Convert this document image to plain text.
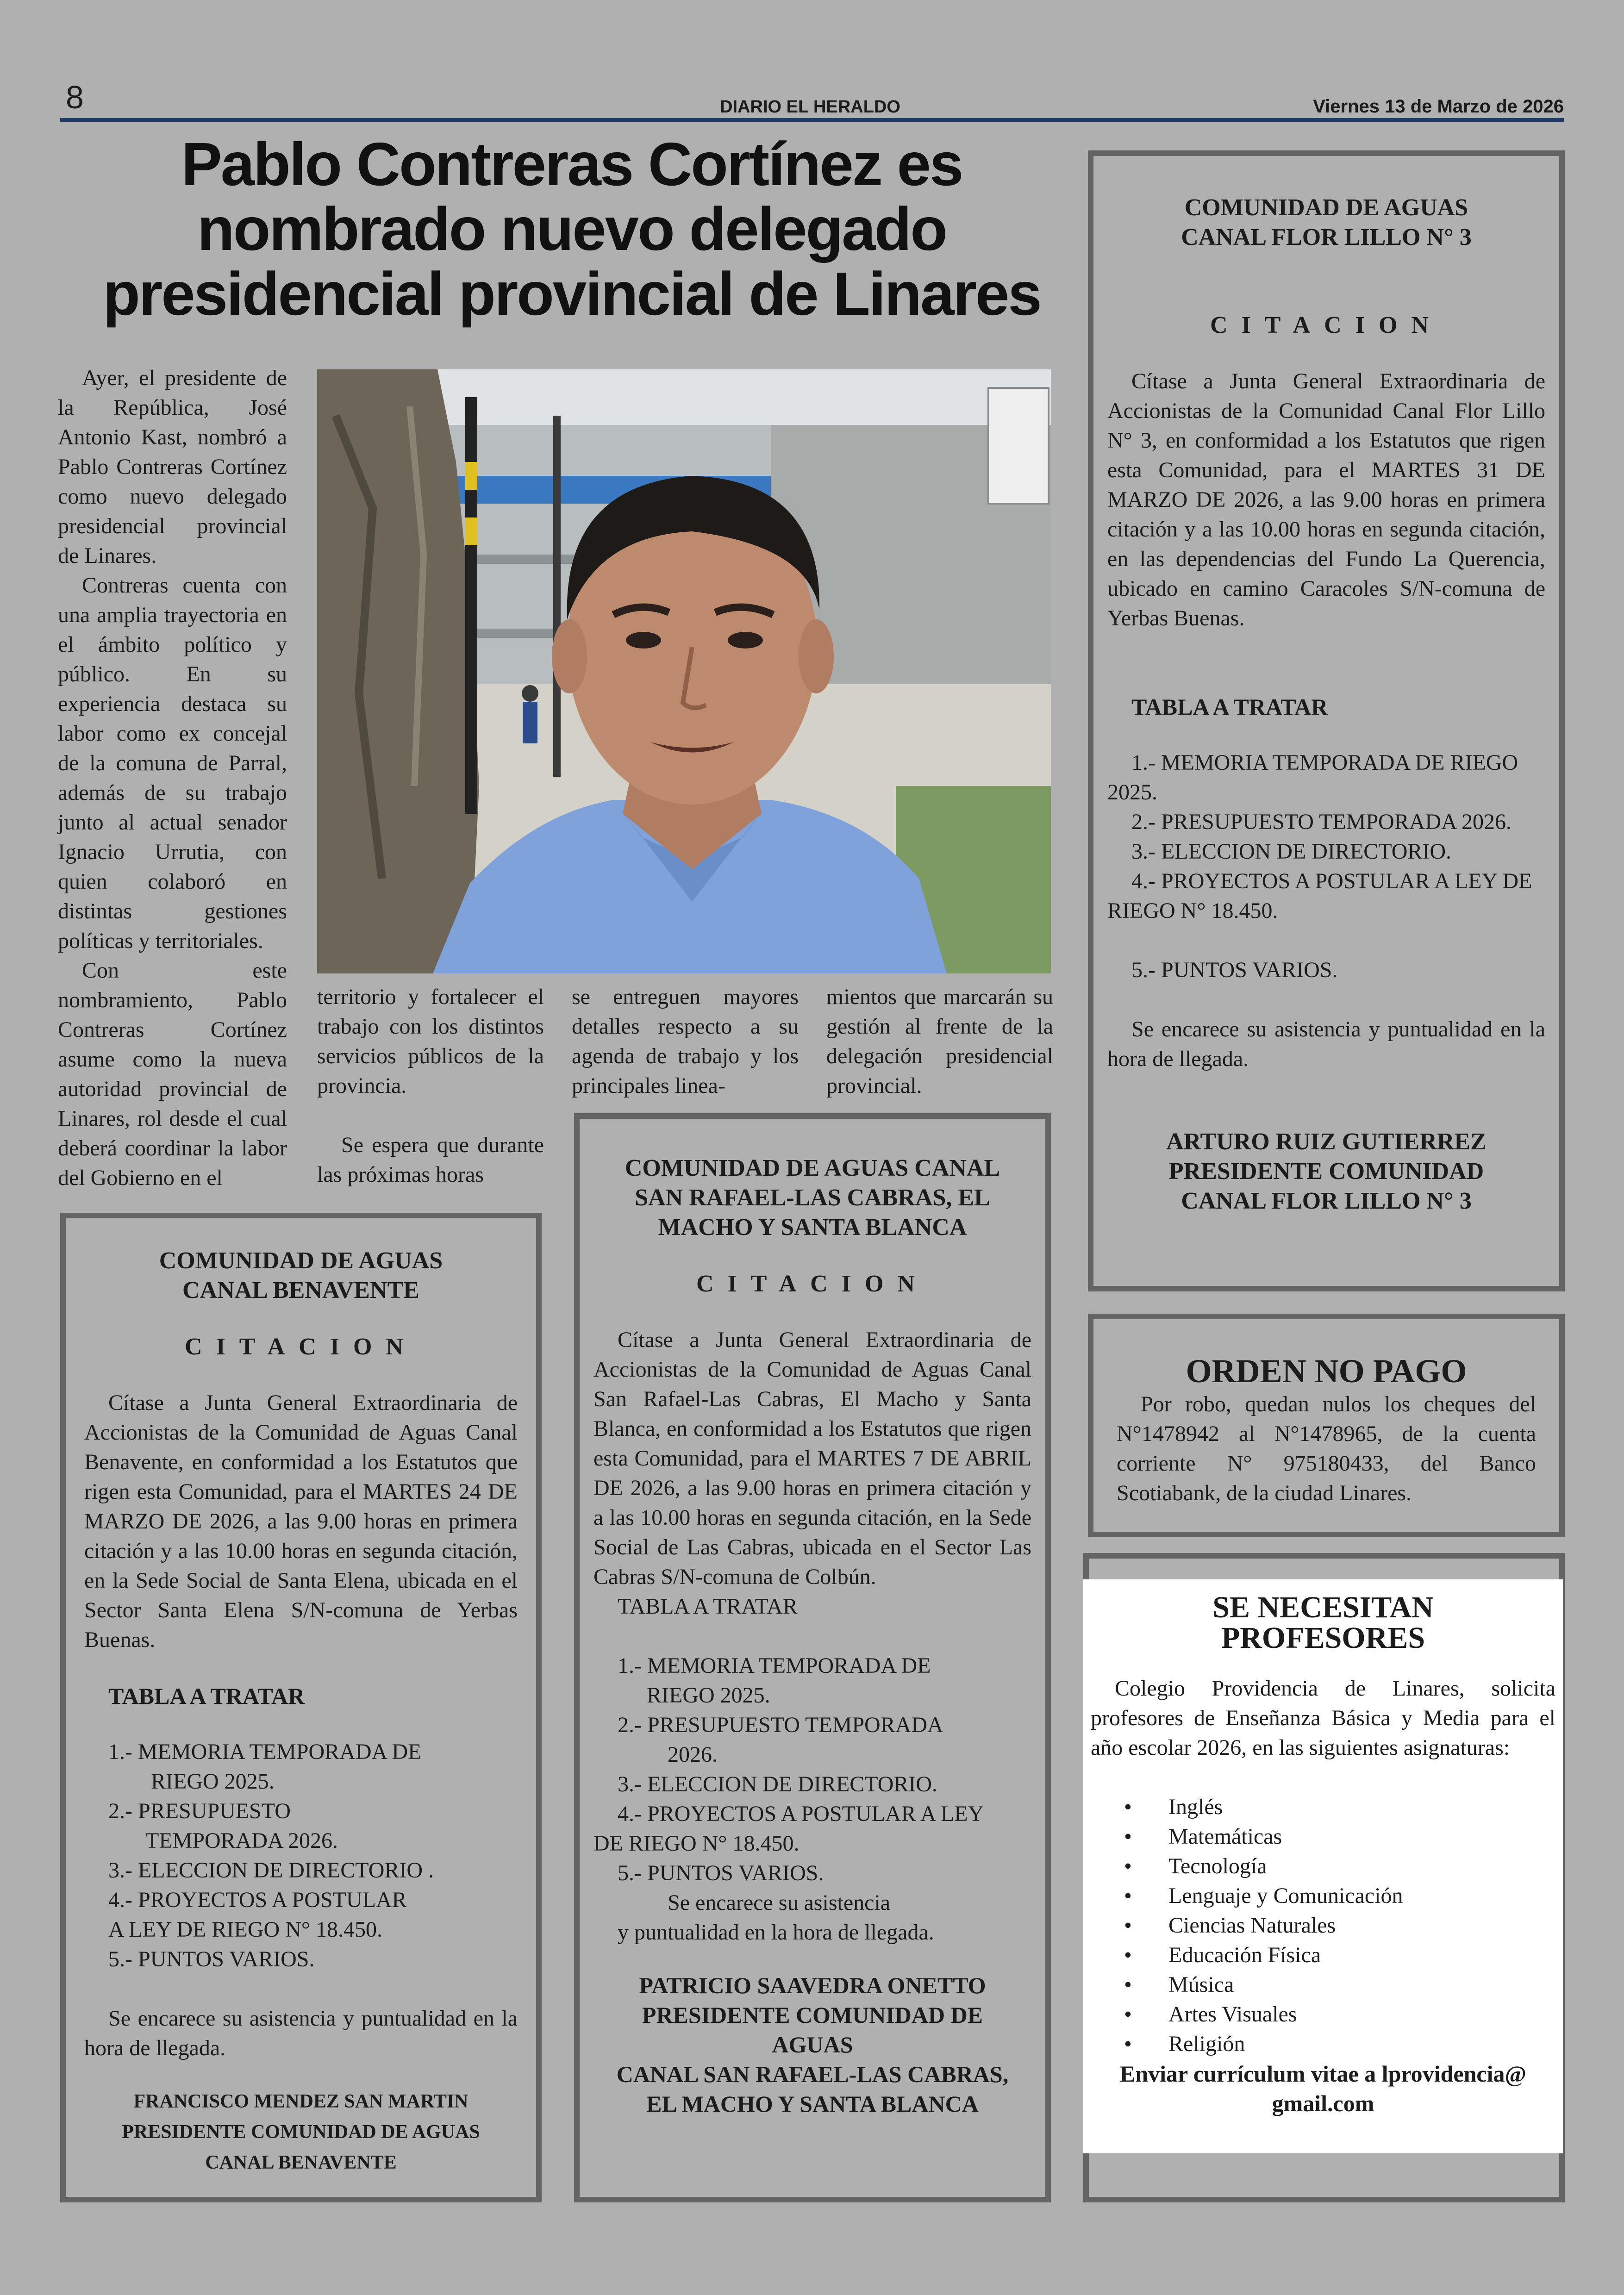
8	DIARIO EL HERALDO	Viernes 13 de Marzo de 2026
Pablo Contreras Cortínez es nombrado nuevo delegado presidencial provincial de Linares

Ayer, el presidente de la República, José Antonio Kast, nombró a Pablo Contreras Cortínez como nuevo delegado presidencial provincial de Linares.

Contreras cuenta con una amplia trayectoria en el ámbito político y público. En su experiencia destaca su labor como ex concejal de la comuna de Parral, además de su trabajo junto al actual senador Ignacio Urrutia, con quien colaboró en distintas gestiones políticas y territoriales.

Con este nombramiento, Pablo Contreras Cortínez asume como la nueva autoridad provincial de Linares, rol desde el cual deberá coordinar la labor del Gobierno en el

territorio y fortalecer el trabajo con los distintos servicios públicos de la provincia.

Se espera que durante las próximas horas

se entreguen mayores detalles respecto a su agenda de trabajo y los principales linea-

mientos que marcarán su gestión al frente de la delegación presidencial provincial.

COMUNIDAD DE AGUAS CANAL FLOR LILLO N° 3
CITACION
Cítase a Junta General Extraordinaria de Accionistas de la Comunidad Canal Flor Lillo N° 3, en conformidad a los Estatutos que rigen esta Comunidad, para el MARTES 31 DE MARZO DE 2026, a las 9.00 horas en primera citación y a las 10.00 horas en segunda citación, en las dependencias del Fundo La Querencia, ubicado en camino Caracoles S/N-comuna de Yerbas Buenas.
TABLA A TRATAR
1.- MEMORIA TEMPORADA DE RIEGO 2025.
2.- PRESUPUESTO TEMPORADA 2026.
3.- ELECCION DE DIRECTORIO.
4.- PROYECTOS A POSTULAR A LEY DE RIEGO N° 18.450.
5.- PUNTOS VARIOS.
Se encarece su asistencia y puntualidad en la hora de llegada.
ARTURO RUIZ GUTIERREZ
PRESIDENTE COMUNIDAD
CANAL FLOR LILLO N° 3
ORDEN NO PAGO
Por robo, quedan nulos los cheques del N°1478942 al N°1478965, de la cuenta corriente N° 975180433, del Banco Scotiabank, de la ciudad Linares.
COMUNIDAD DE AGUAS CANAL BENAVENTE
CITACION
Cítase a Junta General Extraordinaria de Accionistas de la Comunidad de Aguas Canal Benavente, en conformidad a los Estatutos que rigen esta Comunidad, para el MARTES 24 DE MARZO DE 2026, a las 9.00 horas en primera citación y a las 10.00 horas en segunda citación, en la Sede Social de Santa Elena, ubicada en el Sector Santa Elena S/N-comuna de Yerbas Buenas.
TABLA A TRATAR
1.- MEMORIA TEMPORADA DE
RIEGO 2025.
2.- PRESUPUESTO
TEMPORADA 2026.
3.- ELECCION DE DIRECTORIO .
4.- PROYECTOS A POSTULAR
A LEY DE RIEGO N° 18.450.
5.- PUNTOS VARIOS.
Se encarece su asistencia y puntualidad en la hora de llegada.
FRANCISCO MENDEZ SAN MARTIN
PRESIDENTE COMUNIDAD DE AGUAS
CANAL BENAVENTE
COMUNIDAD DE AGUAS CANAL SAN RAFAEL-LAS CABRAS, EL MACHO Y SANTA BLANCA
CITACION
Cítase a Junta General Extraordinaria de Accionistas de la Comunidad de Aguas Canal San Rafael-Las Cabras, El Macho y Santa Blanca, en conformidad a los Estatutos que rigen esta Comunidad, para el MARTES 7 DE ABRIL DE 2026, a las 9.00 horas en primera citación y a las 10.00 horas en segunda citación, en la Sede Social de Las Cabras, ubicada en el Sector Las Cabras S/N-comuna de Colbún.
TABLA A TRATAR
1.- MEMORIA TEMPORADA DE
RIEGO 2025.
2.- PRESUPUESTO TEMPORADA
2026.
3.- ELECCION DE DIRECTORIO.
4.- PROYECTOS A POSTULAR A LEY
DE RIEGO N° 18.450.
5.- PUNTOS VARIOS.
Se encarece su asistencia
y puntualidad en la hora de llegada.
PATRICIO SAAVEDRA ONETTO
PRESIDENTE COMUNIDAD DE
AGUAS
CANAL SAN RAFAEL-LAS CABRAS,
EL MACHO Y SANTA BLANCA
SE NECESITAN PROFESORES
Colegio Providencia de Linares, solicita profesores de Enseñanza Básica y Media para el año escolar 2026, en las siguientes asignaturas:
• Inglés
• Matemáticas
• Tecnología
• Lenguaje y Comunicación
• Ciencias Naturales
• Educación Física
• Música
• Artes Visuales
• Religión
Enviar currículum vitae a lprovidencia@ gmail.com
